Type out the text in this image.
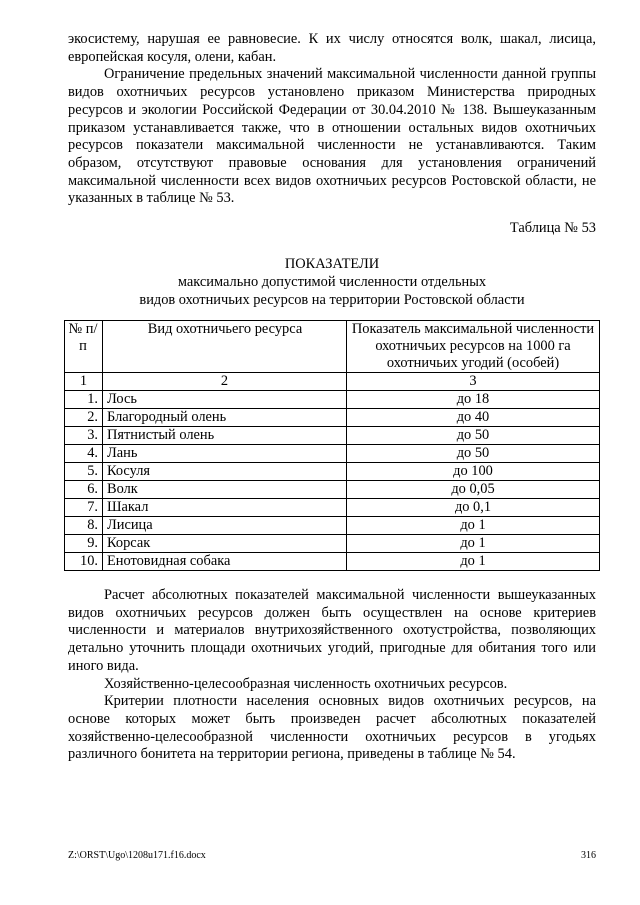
экосистему, нарушая ее равновесие. К их числу относятся волк, шакал, лисица, европейская косуля, олени, кабан.

Ограничение предельных значений максимальной численности данной группы видов охотничьих ресурсов установлено приказом Министерства природных ресурсов и экологии Российской Федерации от 30.04.2010 № 138. Вышеуказанным приказом устанавливается также, что в отношении остальных видов охотничьих ресурсов показатели максимальной численности не устанавливаются. Таким образом, отсутствуют правовые основания для установления ограничений максимальной численности всех видов охотничьих ресурсов Ростовской области, не указанных в таблице № 53.

Таблица № 53
ПОКАЗАТЕЛИ
максимально допустимой численности отдельных
видов охотничьих ресурсов на территории Ростовской области
№ п/п	Вид охотничьего ресурса	Показатель максимальной численности охотничьих ресурсов на 1000 га охотничьих угодий (особей)
1	2	3
1.	Лось	до 18
2.	Благородный олень	до 40
3.	Пятнистый олень	до 50
4.	Лань	до 50
5.	Косуля	до 100
6.	Волк	до 0,05
7.	Шакал	до 0,1
8.	Лисица	до 1
9.	Корсак	до 1
10.	Енотовидная собака	до 1

Расчет абсолютных показателей максимальной численности вышеуказанных видов охотничьих ресурсов должен быть осуществлен на основе критериев численности и материалов внутрихозяйственного охотустройства, позволяющих детально уточнить площади охотничьих угодий, пригодные для обитания того или иного вида.

Хозяйственно-целесообразная численность охотничьих ресурсов.

Критерии плотности населения основных видов охотничьих ресурсов, на основе которых может быть произведен расчет абсолютных показателей хозяйственно-целесообразной численности охотничьих ресурсов в угодьях различного бонитета на территории региона, приведены в таблице № 54.

Z:\ORST\Ugo\1208u171.f16.docx	316
